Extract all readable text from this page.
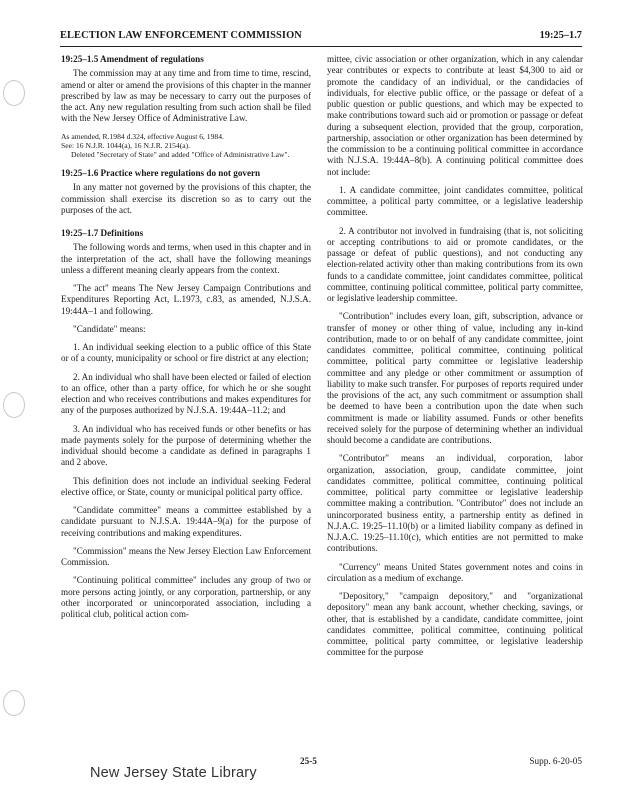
ELECTION LAW ENFORCEMENT COMMISSION	19:25–1.7
19:25–1.5 Amendment of regulations

The commission may at any time and from time to time, rescind, amend or alter or amend the provisions of this chapter in the manner prescribed by law as may be necessary to carry out the purposes of the act. Any new regulation resulting from such action shall be filed with the New Jersey Office of Administrative Law.

As amended, R.1984 d.324, effective August 6, 1984.
See: 16 N.J.R. 1044(a), 16 N.J.R. 2154(a).
Deleted "Secretary of State" and added "Office of Administrative Law".
19:25–1.6 Practice where regulations do not govern

In any matter not governed by the provisions of this chapter, the commission shall exercise its discretion so as to carry out the purposes of the act.

19:25–1.7 Definitions

The following words and terms, when used in this chapter and in the interpretation of the act, shall have the following meanings unless a different meaning clearly appears from the context.

"The act" means The New Jersey Campaign Contributions and Expenditures Reporting Act, L.1973, c.83, as amended, N.J.S.A. 19:44A–1 and following.

"Candidate" means:

1. An individual seeking election to a public office of this State or of a county, municipality or school or fire district at any election;

2. An individual who shall have been elected or failed of election to an office, other than a party office, for which he or she sought election and who receives contributions and makes expenditures for any of the purposes authorized by N.J.S.A. 19:44A–11.2; and

3. An individual who has received funds or other benefits or has made payments solely for the purpose of determining whether the individual should become a candidate as defined in paragraphs 1 and 2 above.

This definition does not include an individual seeking Federal elective office, or State, county or municipal political party office.

"Candidate committee" means a committee established by a candidate pursuant to N.J.S.A. 19:44A–9(a) for the purpose of receiving contributions and making expenditures.

"Commission" means the New Jersey Election Law Enforcement Commission.

"Continuing political committee" includes any group of two or more persons acting jointly, or any corporation, partnership, or any other incorporated or unincorporated association, including a political club, political action com-

mittee, civic association or other organization, which in any calendar year contributes or expects to contribute at least $4,300 to aid or promote the candidacy of an individual, or the candidacies of individuals, for elective public office, or the passage or defeat of a public question or public questions, and which may be expected to make contributions toward such aid or promotion or passage or defeat during a subsequent election, provided that the group, corporation, partnership, association or other organization has been determined by the commission to be a continuing political committee in accordance with N.J.S.A. 19:44A–8(b). A continuing political committee does not include:

1. A candidate committee, joint candidates committee, political committee, a political party committee, or a legislative leadership committee.

2. A contributor not involved in fundraising (that is, not soliciting or accepting contributions to aid or promote candidates, or the passage or defeat of public questions), and not conducting any election-related activity other than making contributions from its own funds to a candidate committee, joint candidates committee, political committee, continuing political committee, political party committee, or legislative leadership committee.

"Contribution" includes every loan, gift, subscription, advance or transfer of money or other thing of value, including any in-kind contribution, made to or on behalf of any candidate committee, joint candidates committee, political committee, continuing political committee, political party committee or legislative leadership committee and any pledge or other commitment or assumption of liability to make such transfer. For purposes of reports required under the provisions of the act, any such commitment or assumption shall be deemed to have been a contribution upon the date when such commitment is made or liability assumed. Funds or other benefits received solely for the purpose of determining whether an individual should become a candidate are contributions.

"Contributor" means an individual, corporation, labor organization, association, group, candidate committee, joint candidates committee, political committee, continuing political committee, political party committee or legislative leadership committee making a contribution. "Contributor" does not include an unincorporated business entity, a partnership entity as defined in N.J.A.C. 19:25–11.10(b) or a limited liability company as defined in N.J.A.C. 19:25–11.10(c), which entities are not permitted to make contributions.

"Currency" means United States government notes and coins in circulation as a medium of exchange.

"Depository," "campaign depository," and "organizational depository" mean any bank account, whether checking, savings, or other, that is established by a candidate, candidate committee, joint candidates committee, political committee, continuing political committee, political party committee, or legislative leadership committee for the purpose

25-5	Supp. 6-20-05
New Jersey State Library
